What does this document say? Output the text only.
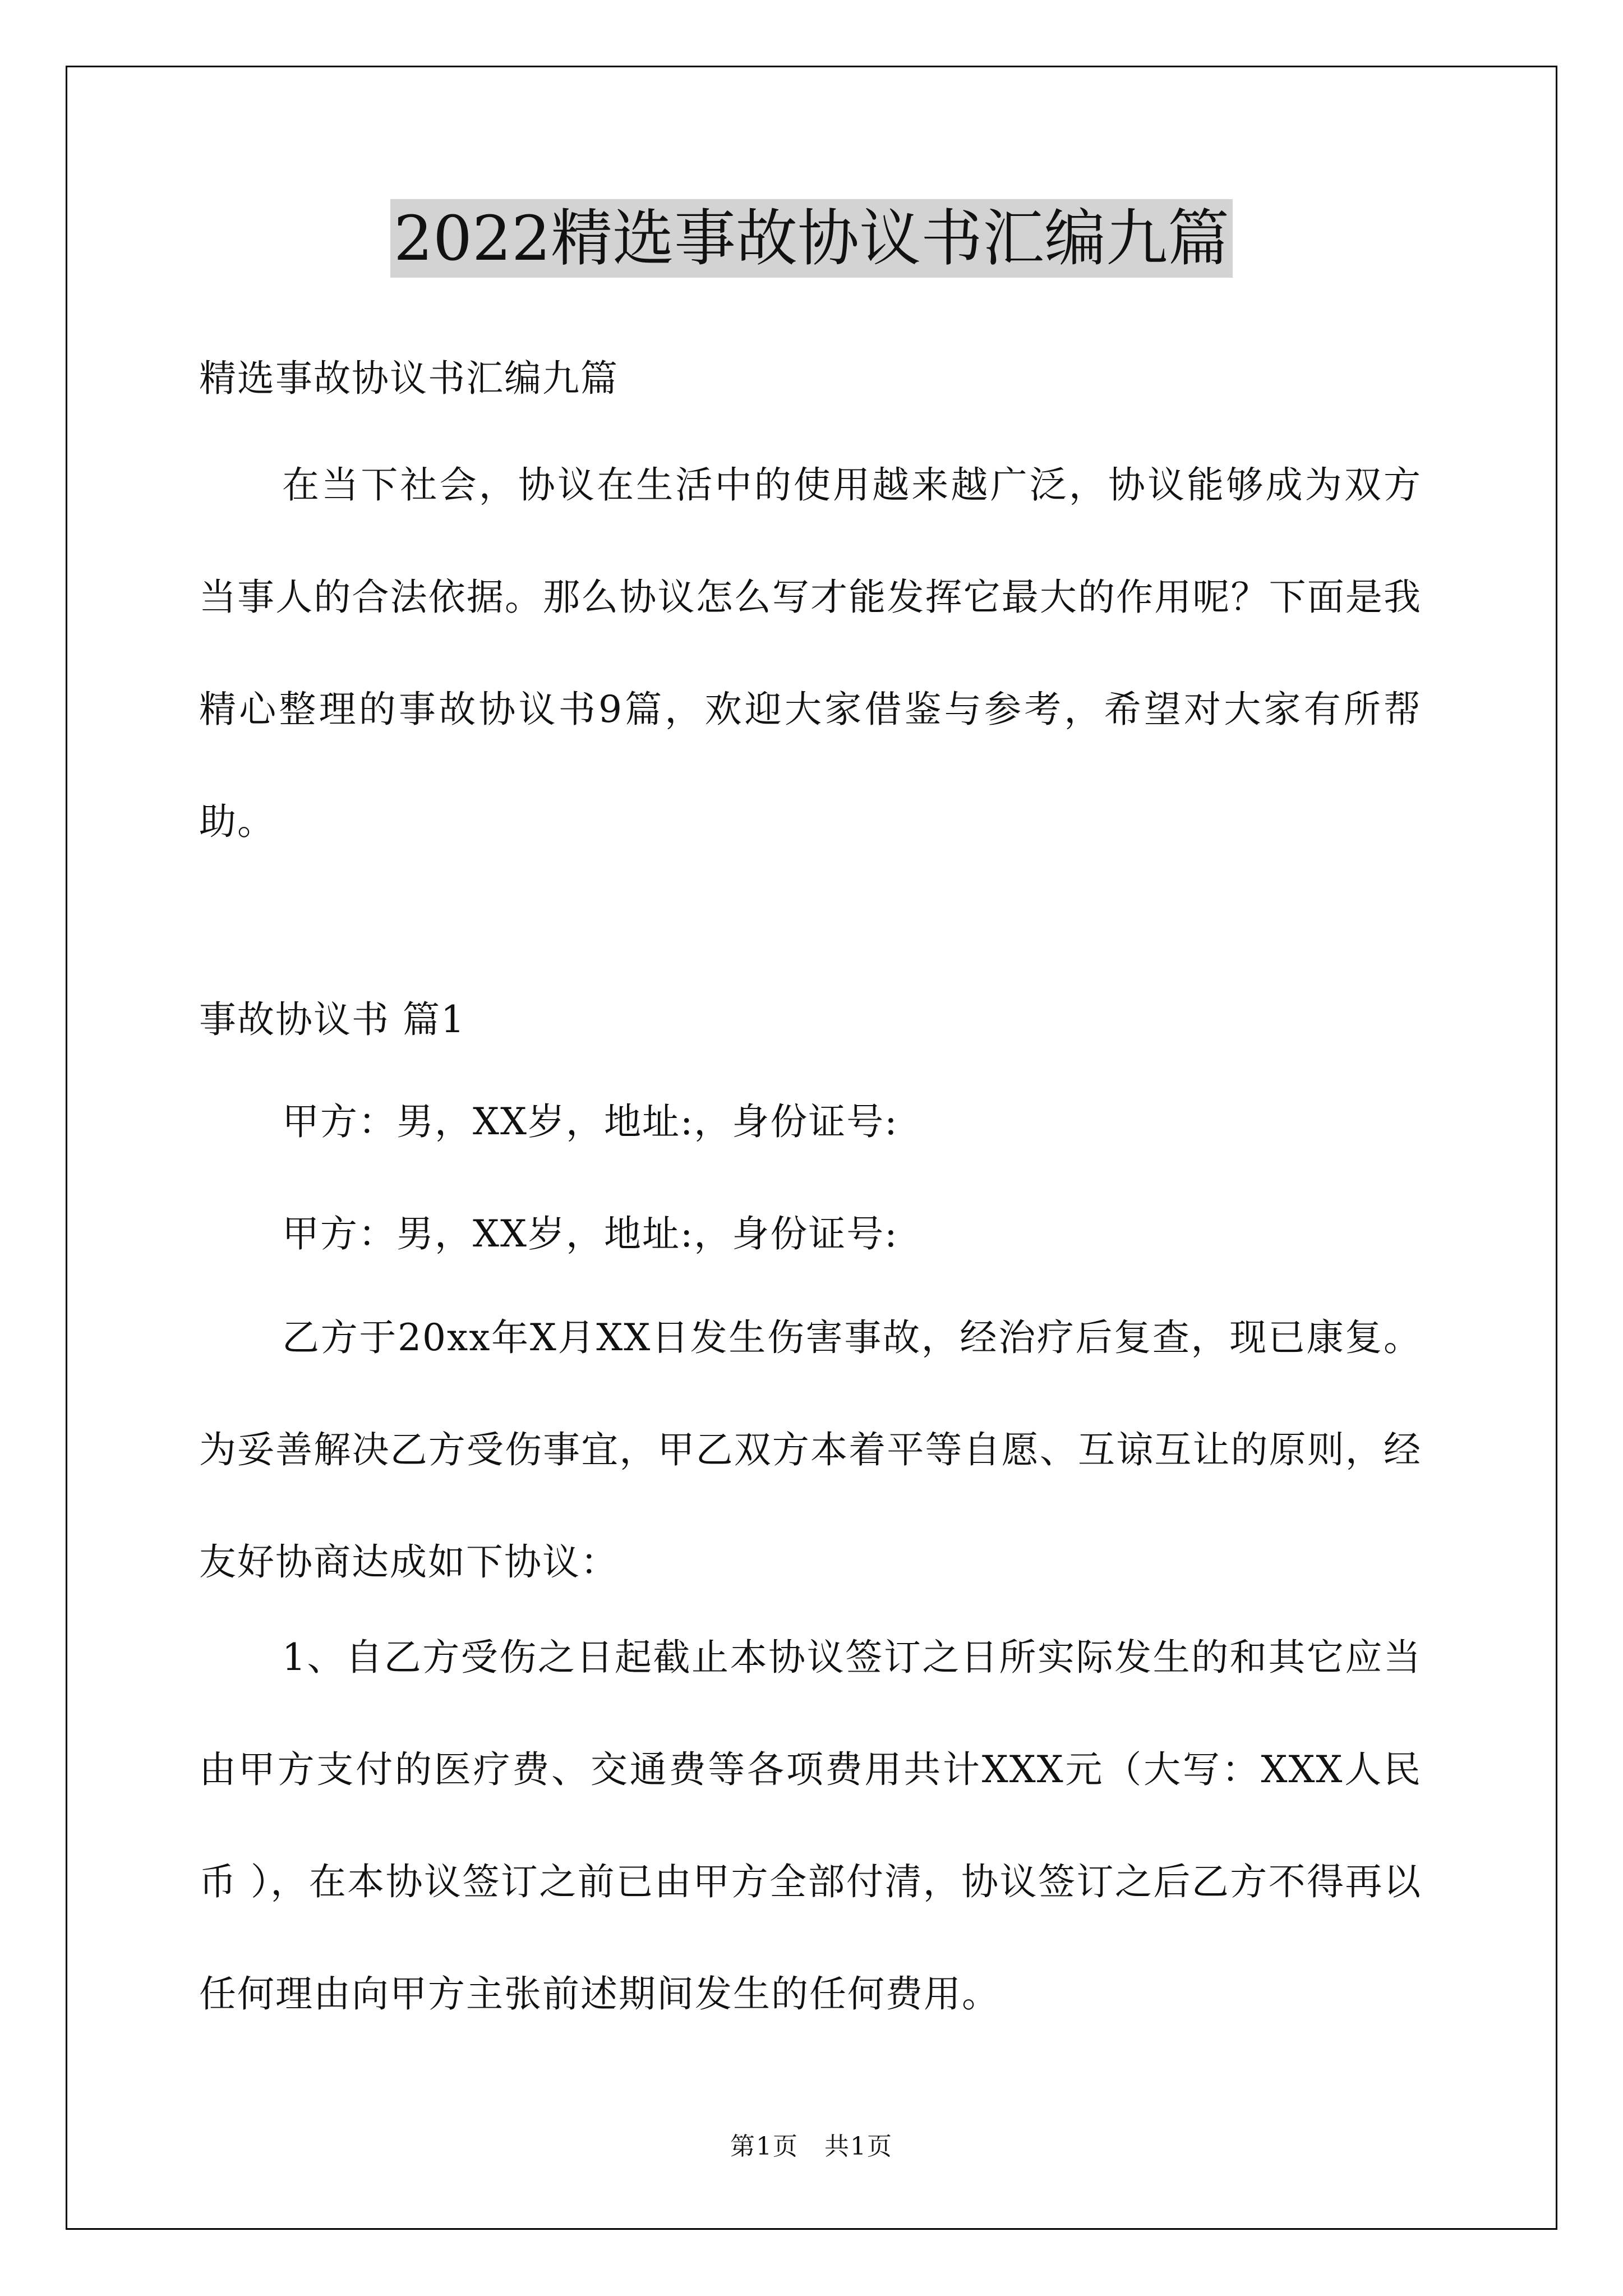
2022精选事故协议书汇编九篇

精选事故协议书汇编九篇

在当下社会，协议在生活中的使用越来越广泛，协议能够成为双方当事人的合法依据。那么协议怎么写才能发挥它最大的作用呢？下面是我精心整理的事故协议书9篇，欢迎大家借鉴与参考，希望对大家有所帮助。

事故协议书 篇1

甲方：男，XX岁，地址:，身份证号:

甲方：男，XX岁，地址:，身份证号:

乙方于20xx年X月XX日发生伤害事故，经治疗后复查，现已康复。为妥善解决乙方受伤事宜，甲乙双方本着平等自愿、互谅互让的原则，经友好协商达成如下协议：

1、自乙方受伤之日起截止本协议签订之日所实际发生的和其它应当由甲方支付的医疗费、交通费等各项费用共计XXX元（大写：XXX人民币 ），在本协议签订之前已由甲方全部付清，协议签订之后乙方不得再以任何理由向甲方主张前述期间发生的任何费用。

第1页　共1页
